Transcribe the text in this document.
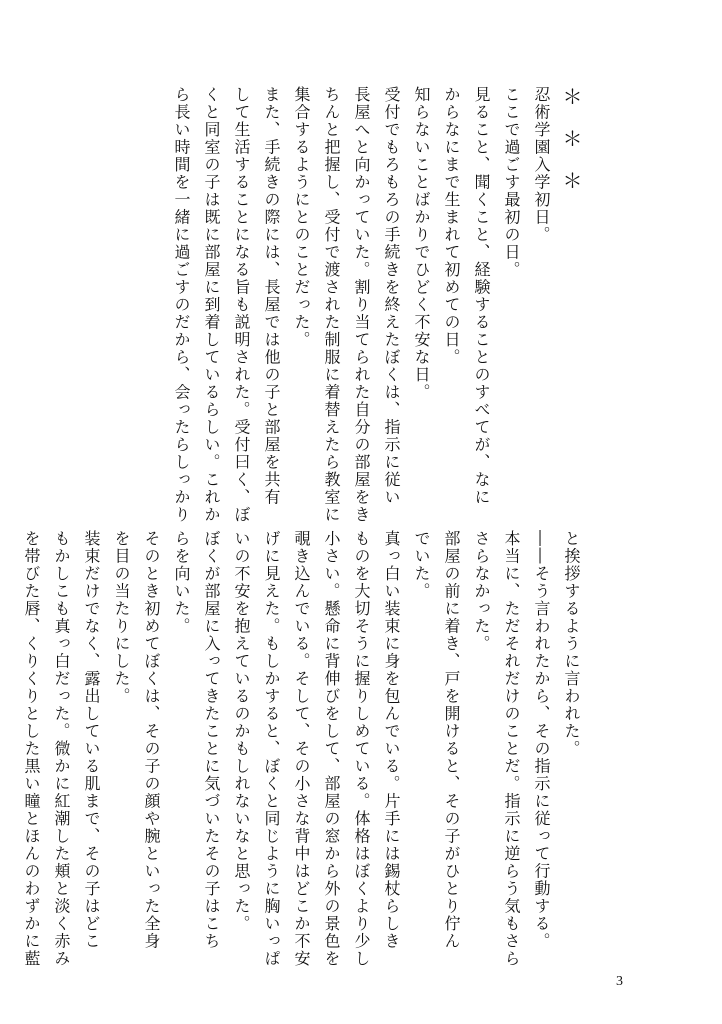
＊＊＊

忍術学園入学初日。

ここで過ごす最初の日。

見ること、聞くこと、経験することのすべてが、なに

からなにまで生まれて初めての日。

知らないことばかりでひどく不安な日。

受付でもろもろの手続きを終えたぼくは、指示に従い

長屋へと向かっていた。割り当てられた自分の部屋をき

ちんと把握し、受付で渡された制服に着替えたら教室に

集合するようにとのことだった。

また、手続きの際には、長屋では他の子と部屋を共有

して生活することになる旨も説明された。受付曰く、ぼ

くと同室の子は既に部屋に到着しているらしい。これか

ら長い時間を一緒に過ごすのだから、会ったらしっかり

と挨拶するように言われた。

――そう言われたから、その指示に従って行動する。

本当に、ただそれだけのことだ。指示に逆らう気もさら

さらなかった。

部屋の前に着き、戸を開けると、その子がひとり佇ん

でいた。

真っ白い装束に身を包んでいる。片手には錫杖らしき

ものを大切そうに握りしめている。体格はぼくより少し

小さい。懸命に背伸びをして、部屋の窓から外の景色を

覗き込んでいる。そして、その小さな背中はどこか不安

げに見えた。もしかすると、ぼくと同じように胸いっぱ

いの不安を抱えているのかもしれないなと思った。

ぼくが部屋に入ってきたことに気づいたその子はこち

らを向いた。

そのとき初めてぼくは、その子の顔や腕といった全身

を目の当たりにした。

装束だけでなく、露出している肌まで、その子はどこ

もかしこも真っ白だった。微かに紅潮した頬と淡く赤み

を帯びた唇、くりくりとした黒い瞳とほんのわずかに藍

3
